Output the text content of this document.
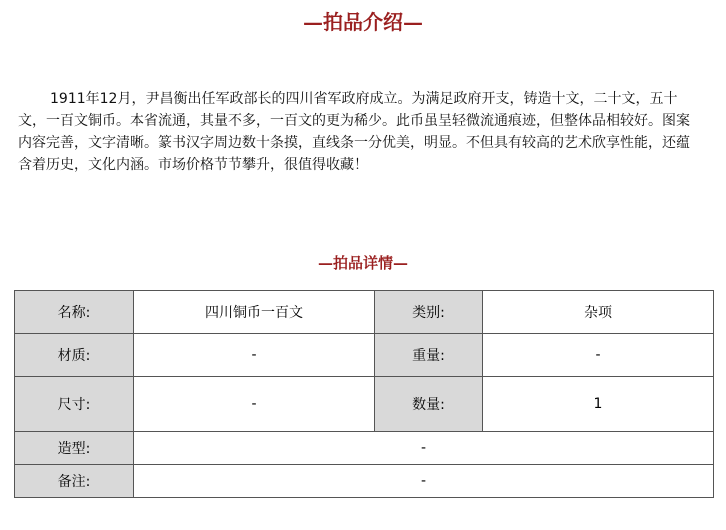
—拍品介绍—

1911年12月，尹昌衡出任军政部长的四川省军政府成立。为满足政府开支，铸造十文，二十文，五十文，一百文铜币。本省流通，其量不多，一百文的更为稀少。此币虽呈轻微流通痕迹，但整体品相较好。图案内容完善，文字清晰。篆书汉字周边数十条摸，直线条一分优美，明显。不但具有较高的艺术欣享性能，还蕴含着历史，文化内涵。市场价格节节攀升，很值得收藏！

—拍品详情—
名称:	四川铜币一百文	类别:	杂项
材质:	-	重量:	-
尺寸:	-	数量:	1
造型:	-		
备注:	-		
